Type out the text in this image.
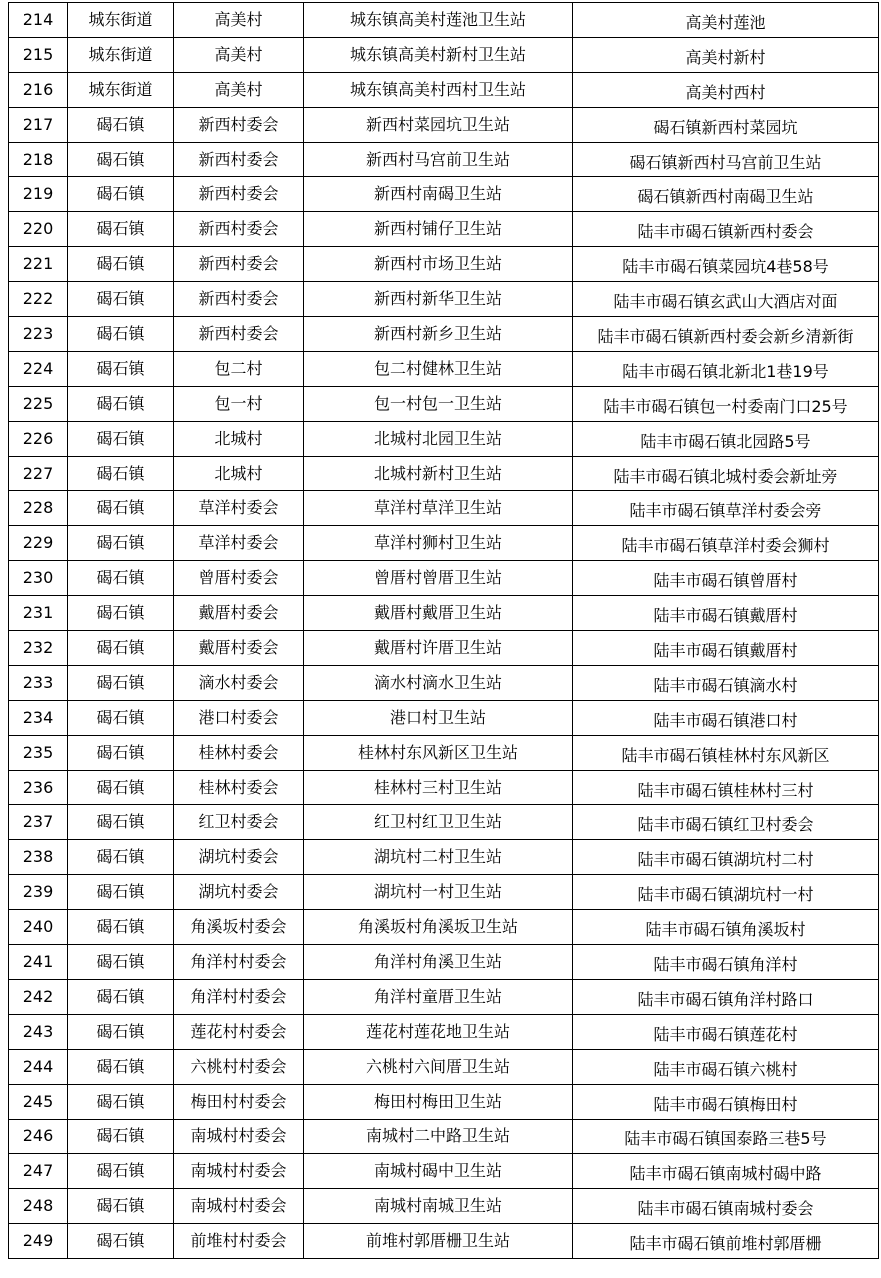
214	城东街道	高美村	城东镇高美村莲池卫生站	高美村莲池
215	城东街道	高美村	城东镇高美村新村卫生站	高美村新村
216	城东街道	高美村	城东镇高美村西村卫生站	高美村西村
217	碣石镇	新西村委会	新西村菜园坑卫生站	碣石镇新西村菜园坑
218	碣石镇	新西村委会	新西村马宫前卫生站	碣石镇新西村马宫前卫生站
219	碣石镇	新西村委会	新西村南碣卫生站	碣石镇新西村南碣卫生站
220	碣石镇	新西村委会	新西村铺仔卫生站	陆丰市碣石镇新西村委会
221	碣石镇	新西村委会	新西村市场卫生站	陆丰市碣石镇菜园坑4巷58号
222	碣石镇	新西村委会	新西村新华卫生站	陆丰市碣石镇玄武山大酒店对面
223	碣石镇	新西村委会	新西村新乡卫生站	陆丰市碣石镇新西村委会新乡清新街
224	碣石镇	包二村	包二村健林卫生站	陆丰市碣石镇北新北1巷19号
225	碣石镇	包一村	包一村包一卫生站	陆丰市碣石镇包一村委南门口25号
226	碣石镇	北城村	北城村北园卫生站	陆丰市碣石镇北园路5号
227	碣石镇	北城村	北城村新村卫生站	陆丰市碣石镇北城村委会新址旁
228	碣石镇	草洋村委会	草洋村草洋卫生站	陆丰市碣石镇草洋村委会旁
229	碣石镇	草洋村委会	草洋村狮村卫生站	陆丰市碣石镇草洋村委会狮村
230	碣石镇	曾厝村委会	曾厝村曾厝卫生站	陆丰市碣石镇曾厝村
231	碣石镇	戴厝村委会	戴厝村戴厝卫生站	陆丰市碣石镇戴厝村
232	碣石镇	戴厝村委会	戴厝村许厝卫生站	陆丰市碣石镇戴厝村
233	碣石镇	滴水村委会	滴水村滴水卫生站	陆丰市碣石镇滴水村
234	碣石镇	港口村委会	港口村卫生站	陆丰市碣石镇港口村
235	碣石镇	桂林村委会	桂林村东风新区卫生站	陆丰市碣石镇桂林村东风新区
236	碣石镇	桂林村委会	桂林村三村卫生站	陆丰市碣石镇桂林村三村
237	碣石镇	红卫村委会	红卫村红卫卫生站	陆丰市碣石镇红卫村委会
238	碣石镇	湖坑村委会	湖坑村二村卫生站	陆丰市碣石镇湖坑村二村
239	碣石镇	湖坑村委会	湖坑村一村卫生站	陆丰市碣石镇湖坑村一村
240	碣石镇	角溪坂村委会	角溪坂村角溪坂卫生站	陆丰市碣石镇角溪坂村
241	碣石镇	角洋村村委会	角洋村角溪卫生站	陆丰市碣石镇角洋村
242	碣石镇	角洋村村委会	角洋村童厝卫生站	陆丰市碣石镇角洋村路口
243	碣石镇	莲花村村委会	莲花村莲花地卫生站	陆丰市碣石镇莲花村
244	碣石镇	六桃村村委会	六桃村六间厝卫生站	陆丰市碣石镇六桃村
245	碣石镇	梅田村村委会	梅田村梅田卫生站	陆丰市碣石镇梅田村
246	碣石镇	南城村村委会	南城村二中路卫生站	陆丰市碣石镇国泰路三巷5号
247	碣石镇	南城村村委会	南城村碣中卫生站	陆丰市碣石镇南城村碣中路
248	碣石镇	南城村村委会	南城村南城卫生站	陆丰市碣石镇南城村委会
249	碣石镇	前堆村村委会	前堆村郭厝栅卫生站	陆丰市碣石镇前堆村郭厝栅
